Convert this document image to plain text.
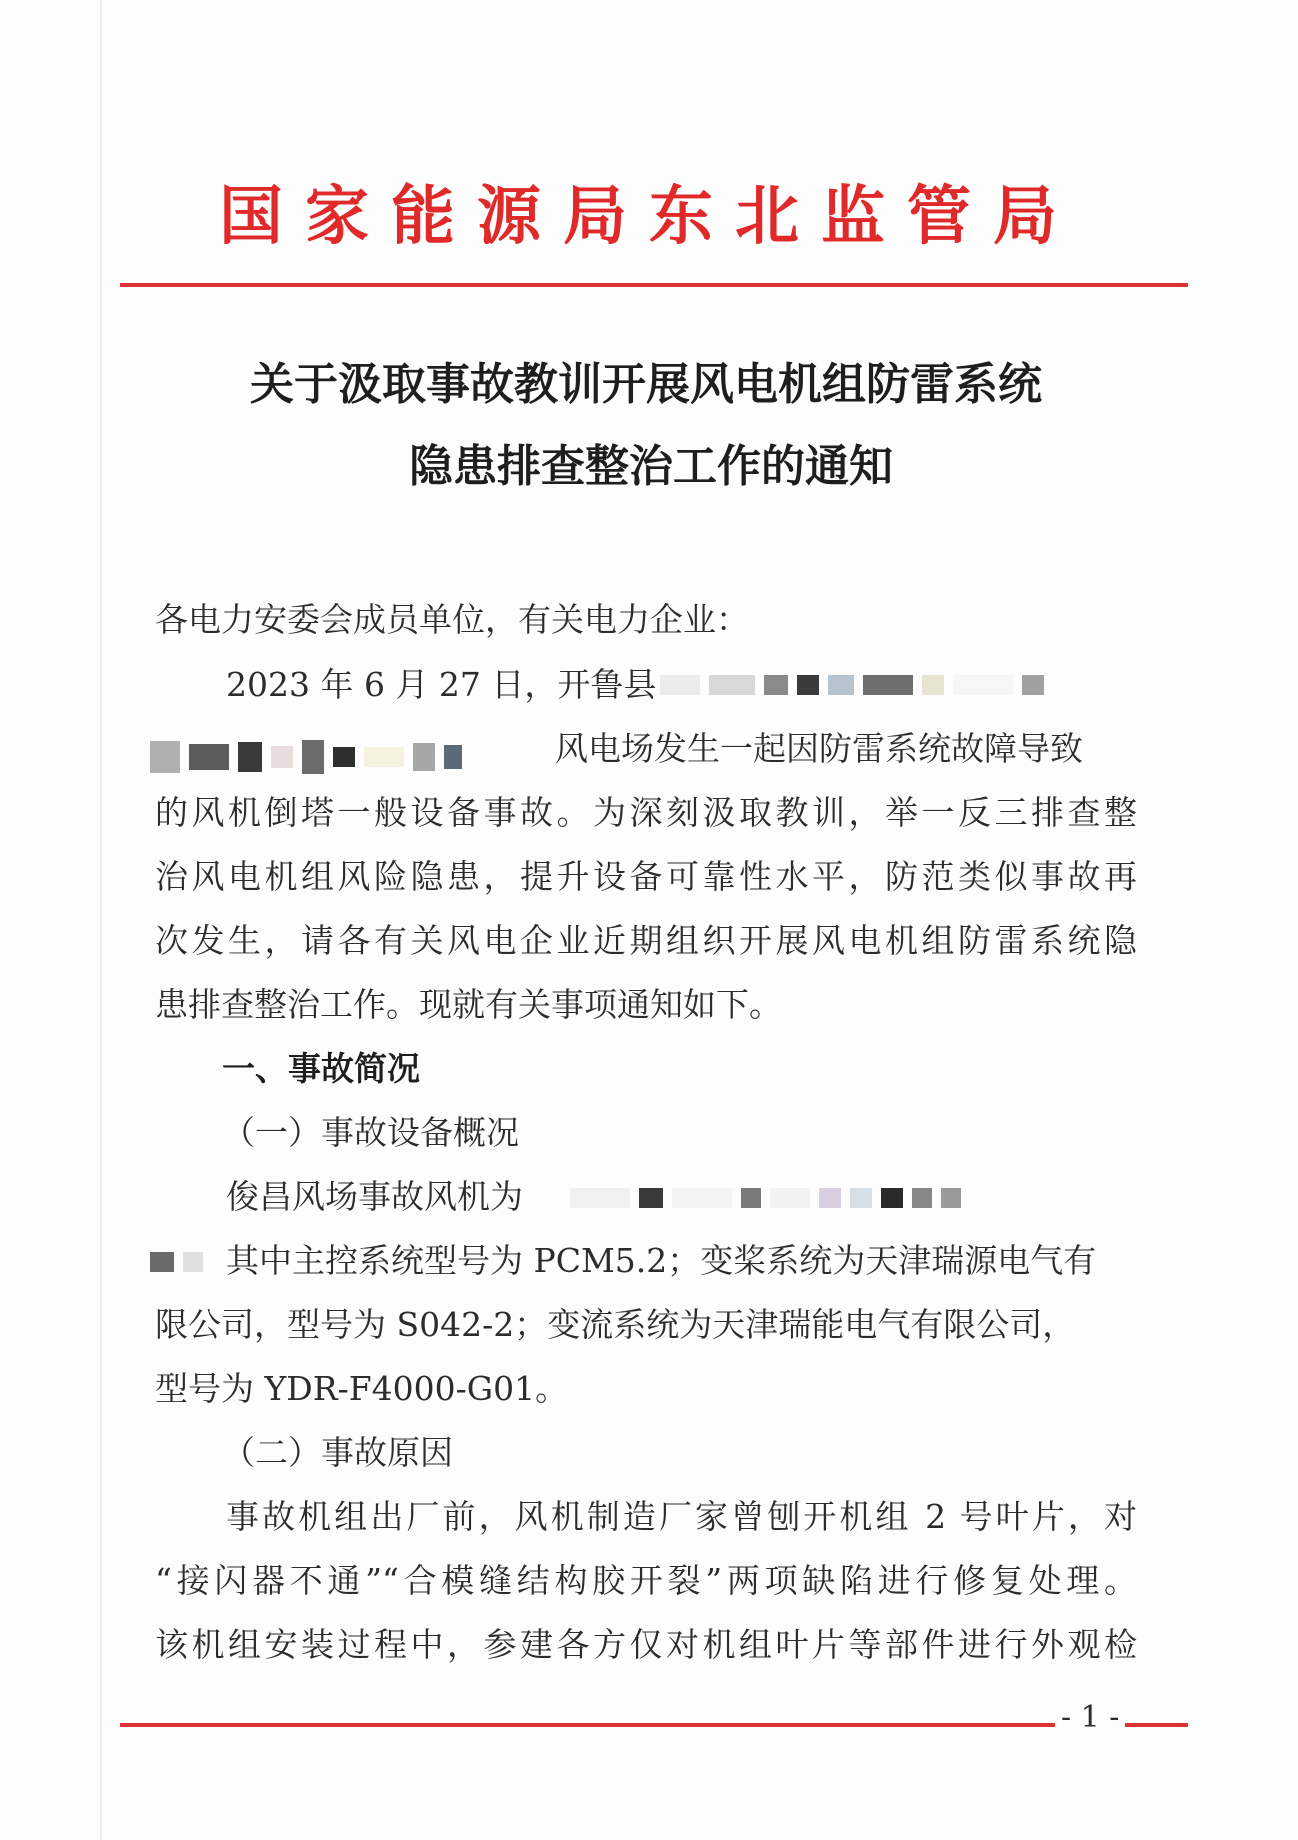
国家能源局东北监管局
关于汲取事故教训开展风电机组防雷系统
隐患排查整治工作的通知
各电力安委会成员单位，有关电力企业：
2023 年 6 月 27 日，开鲁县
风电场发生一起因防雷系统故障导致
的风机倒塔一般设备事故。为深刻汲取教训，举一反三排查整
治风电机组风险隐患，提升设备可靠性水平，防范类似事故再
次发生，请各有关风电企业近期组织开展风电机组防雷系统隐
患排查整治工作。现就有关事项通知如下。
一、事故简况
（一）事故设备概况
俊昌风场事故风机为
其中主控系统型号为 PCM5.2；变桨系统为天津瑞源电气有
限公司，型号为 S042-2；变流系统为天津瑞能电气有限公司，
型号为 YDR-F4000-G01。
（二）事故原因
事故机组出厂前，风机制造厂家曾刨开机组 2 号叶片，对
“接闪器不通”“合模缝结构胶开裂”两项缺陷进行修复处理。
该机组安装过程中，参建各方仅对机组叶片等部件进行外观检
- 1 -
